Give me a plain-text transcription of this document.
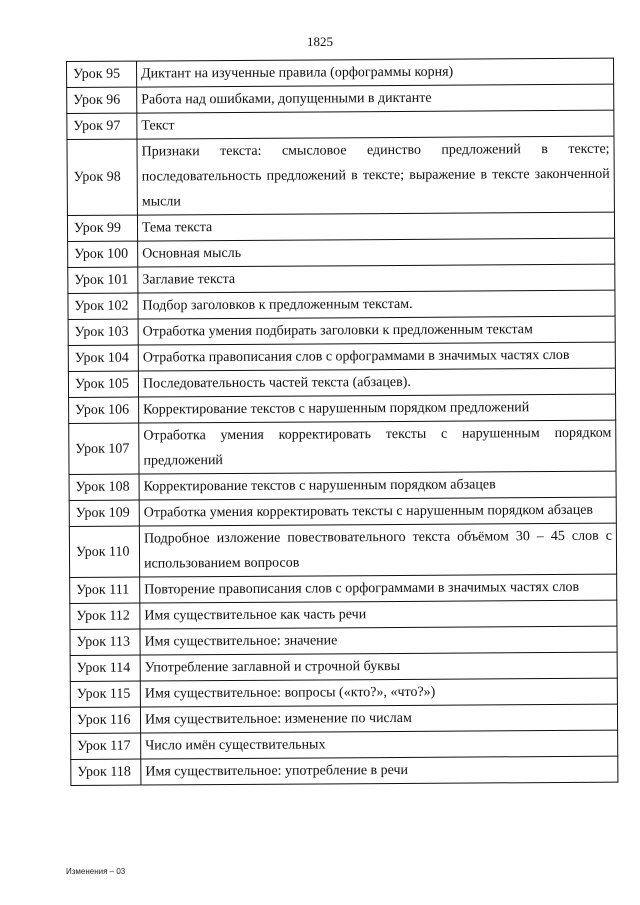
1825
Урок 95	Диктант на изученные правила (орфограммы корня)
Урок 96	Работа над ошибками, допущенными в диктанте
Урок 97	Текст
Урок 98	Признаки текста: смысловое единство предложений в тексте; последовательность предложений в тексте; выражение в тексте законченной мысли
Урок 99	Тема текста
Урок 100	Основная мысль
Урок 101	Заглавие текста
Урок 102	Подбор заголовков к предложенным текстам.
Урок 103	Отработка умения подбирать заголовки к предложенным текстам
Урок 104	Отработка правописания слов с орфограммами в значимых частях слов
Урок 105	Последовательность частей текста (абзацев).
Урок 106	Корректирование текстов с нарушенным порядком предложений
Урок 107	Отработка умения корректировать тексты с нарушенным порядком предложений
Урок 108	Корректирование текстов с нарушенным порядком абзацев
Урок 109	Отработка умения корректировать тексты с нарушенным порядком абзацев
Урок 110	Подробное изложение повествовательного текста объёмом 30 – 45 слов с использованием вопросов
Урок 111	Повторение правописания слов с орфограммами в значимых частях слов
Урок 112	Имя существительное как часть речи
Урок 113	Имя существительное: значение
Урок 114	Употребление заглавной и строчной буквы
Урок 115	Имя существительное: вопросы («кто?», «что?»)
Урок 116	Имя существительное: изменение по числам
Урок 117	Число имён существительных
Урок 118	Имя существительное: употребление в речи
Изменения – 03
